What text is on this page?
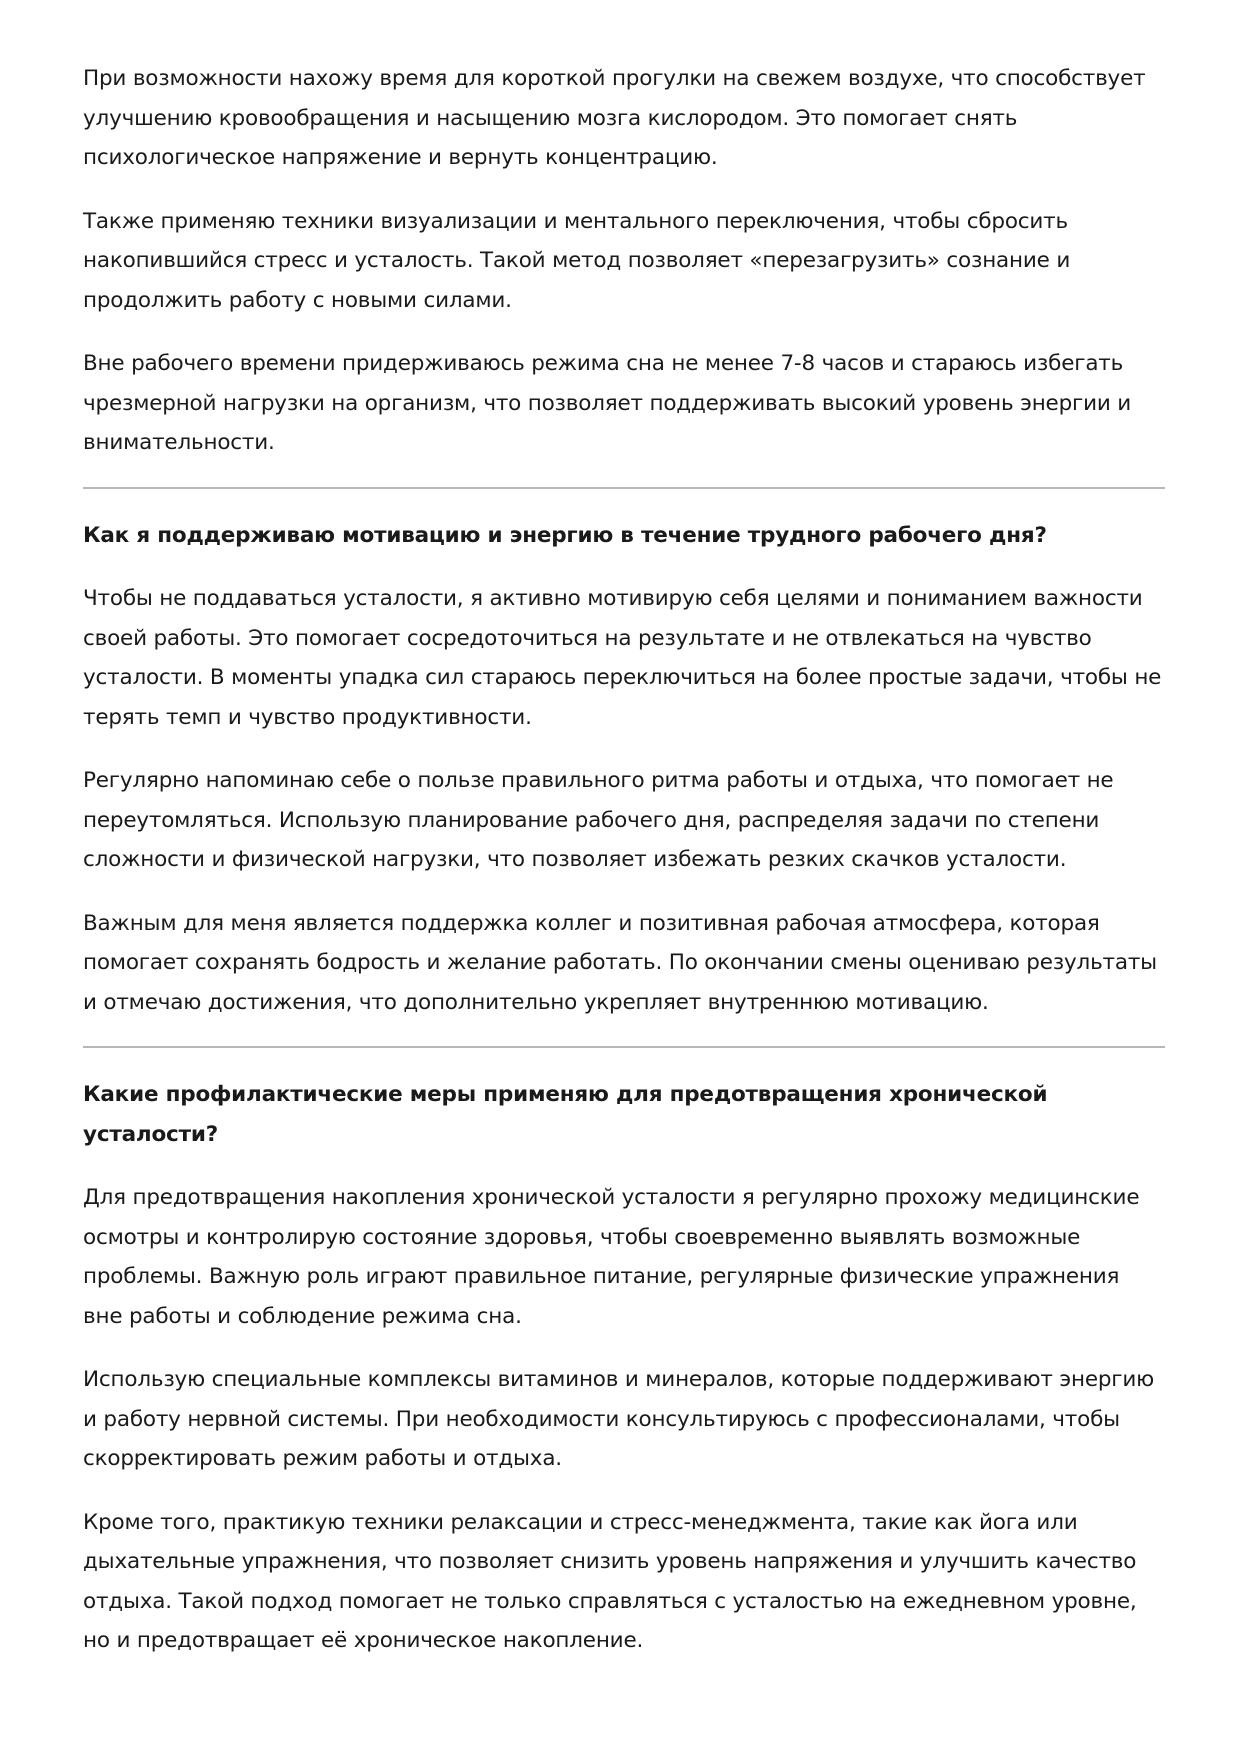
При возможности нахожу время для короткой прогулки на свежем воздухе, что способствует улучшению кровообращения и насыщению мозга кислородом. Это помогает снять психологическое напряжение и вернуть концентрацию.

Также применяю техники визуализации и ментального переключения, чтобы сбросить накопившийся стресс и усталость. Такой метод позволяет «перезагрузить» сознание и продолжить работу с новыми силами.

Вне рабочего времени придерживаюсь режима сна не менее 7-8 часов и стараюсь избегать чрезмерной нагрузки на организм, что позволяет поддерживать высокий уровень энергии и внимательности.

Как я поддерживаю мотивацию и энергию в течение трудного рабочего дня?

Чтобы не поддаваться усталости, я активно мотивирую себя целями и пониманием важности своей работы. Это помогает сосредоточиться на результате и не отвлекаться на чувство усталости. В моменты упадка сил стараюсь переключиться на более простые задачи, чтобы не терять темп и чувство продуктивности.

Регулярно напоминаю себе о пользе правильного ритма работы и отдыха, что помогает не переутомляться. Использую планирование рабочего дня, распределяя задачи по степени сложности и физической нагрузки, что позволяет избежать резких скачков усталости.

Важным для меня является поддержка коллег и позитивная рабочая атмосфера, которая помогает сохранять бодрость и желание работать. По окончании смены оцениваю результаты и отмечаю достижения, что дополнительно укрепляет внутреннюю мотивацию.

Какие профилактические меры применяю для предотвращения хронической усталости?

Для предотвращения накопления хронической усталости я регулярно прохожу медицинские осмотры и контролирую состояние здоровья, чтобы своевременно выявлять возможные проблемы. Важную роль играют правильное питание, регулярные физические упражнения вне работы и соблюдение режима сна.

Использую специальные комплексы витаминов и минералов, которые поддерживают энергию и работу нервной системы. При необходимости консультируюсь с профессионалами, чтобы скорректировать режим работы и отдыха.

Кроме того, практикую техники релаксации и стресс-менеджмента, такие как йога или дыхательные упражнения, что позволяет снизить уровень напряжения и улучшить качество отдыха. Такой подход помогает не только справляться с усталостью на ежедневном уровне, но и предотвращает её хроническое накопление.
